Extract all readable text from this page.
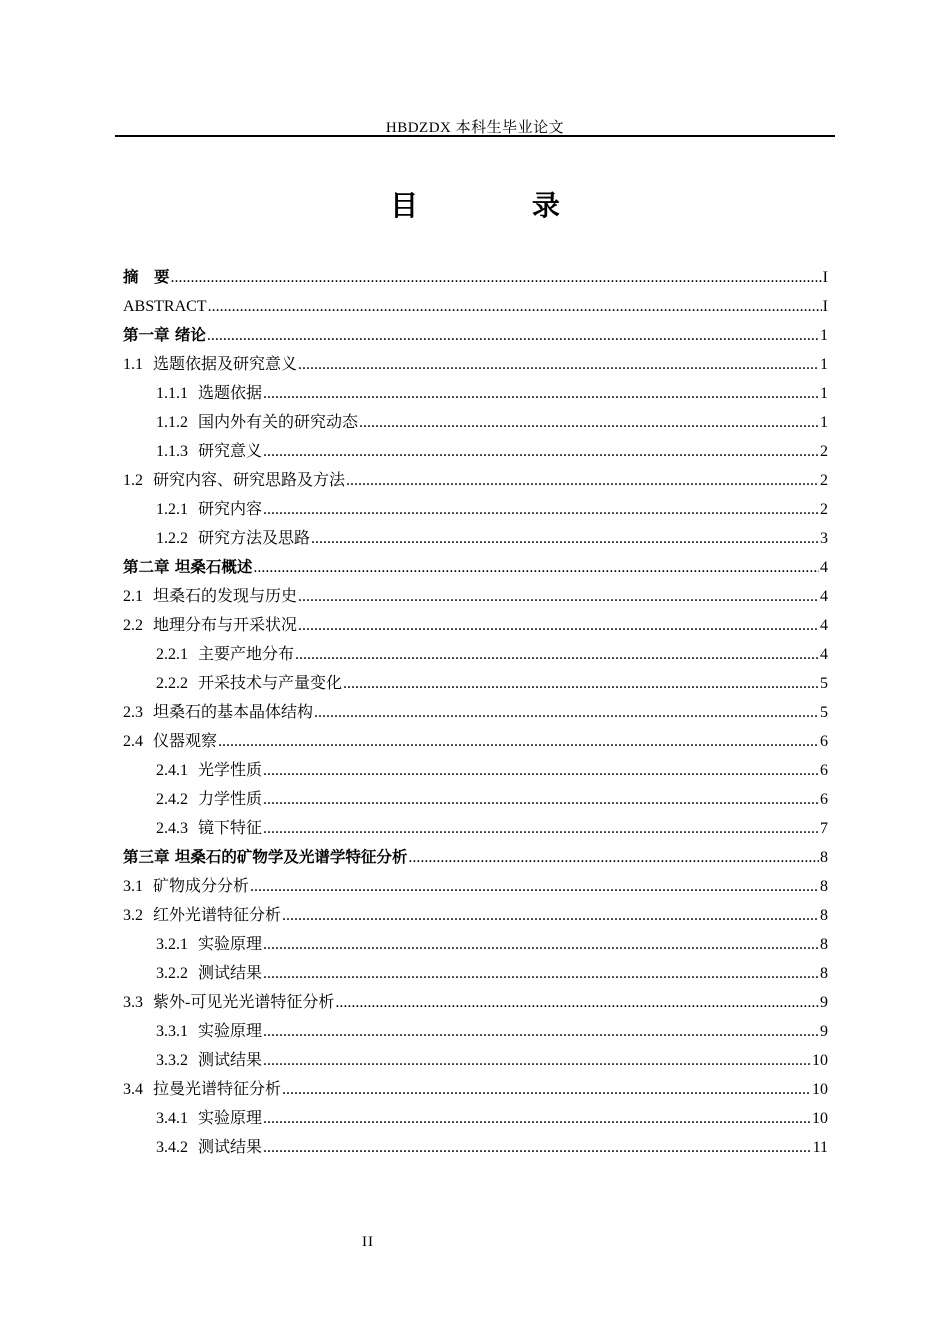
HBDZDX 本科生毕业论文
目 录
摘　要 .....	I
ABSTRACT .....	I
第一章 绪论 .....	1
1.1 选题依据及研究意义 .....	1
1.1.1 选题依据 .....	1
1.1.2 国内外有关的研究动态 .....	1
1.1.3 研究意义 .....	2
1.2 研究内容、研究思路及方法 .....	2
1.2.1 研究内容 .....	2
1.2.2 研究方法及思路 .....	3
第二章 坦桑石概述 .....	4
2.1 坦桑石的发现与历史 .....	4
2.2 地理分布与开采状况 .....	4
2.2.1 主要产地分布 .....	4
2.2.2 开采技术与产量变化 .....	5
2.3 坦桑石的基本晶体结构 .....	5
2.4 仪器观察 .....	6
2.4.1 光学性质 .....	6
2.4.2 力学性质 .....	6
2.4.3 镜下特征 .....	7
第三章 坦桑石的矿物学及光谱学特征分析 .....	8
3.1 矿物成分分析 .....	8
3.2 红外光谱特征分析 .....	8
3.2.1 实验原理 .....	8
3.2.2 测试结果 .....	8
3.3 紫外-可见光光谱特征分析 .....	9
3.3.1 实验原理 .....	9
3.3.2 测试结果 .....	10
3.4 拉曼光谱特征分析 .....	10
3.4.1 实验原理 .....	10
3.4.2 测试结果 .....	11
II
